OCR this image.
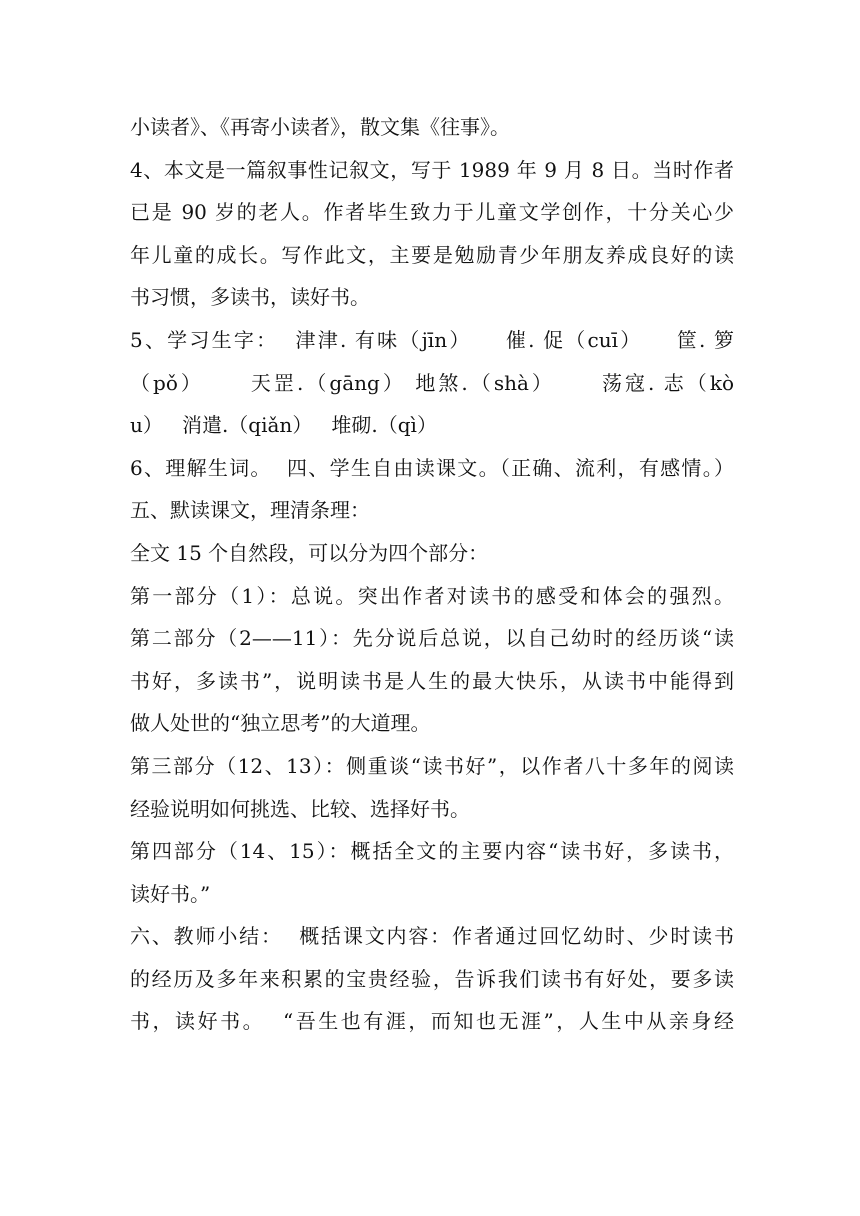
小读者》、《再寄小读者》，散文集《往事》。
4、本文是一篇叙事性记叙文，写于 1989 年 9 月 8 日。当时作者
已是 90 岁的老人。作者毕生致力于儿童文学创作，十分关心少
年儿童的成长。写作此文，主要是勉励青少年朋友养成良好的读
书习惯，多读书，读好书。
5、学习生字：  津津. 有味（jīn）    催. 促（cuī）    筐. 箩
（pǒ）     天罡.（gāng） 地煞.（shà）     荡寇. 志（kò
u）   消遣.（qiǎn）   堆砌.（qì）
6、理解生词。  四、学生自由读课文。（正确、流利，有感情。）
五、默读课文，理清条理：
全文 15 个自然段，可以分为四个部分：
第一部分（1）：总说。突出作者对读书的感受和体会的强烈。
第二部分（2——11）：先分说后总说，以自己幼时的经历谈“读
书好，多读书”，说明读书是人生的最大快乐，从读书中能得到
做人处世的“独立思考”的大道理。
第三部分（12、13）：侧重谈“读书好”，以作者八十多年的阅读
经验说明如何挑选、比较、选择好书。
第四部分（14、15）：概括全文的主要内容“读书好，多读书，
读好书。”
六、教师小结：  概括课文内容：作者通过回忆幼时、少时读书
的经历及多年来积累的宝贵经验，告诉我们读书有好处，要多读
书，读好书。  “吾生也有涯，而知也无涯”，人生中从亲身经
